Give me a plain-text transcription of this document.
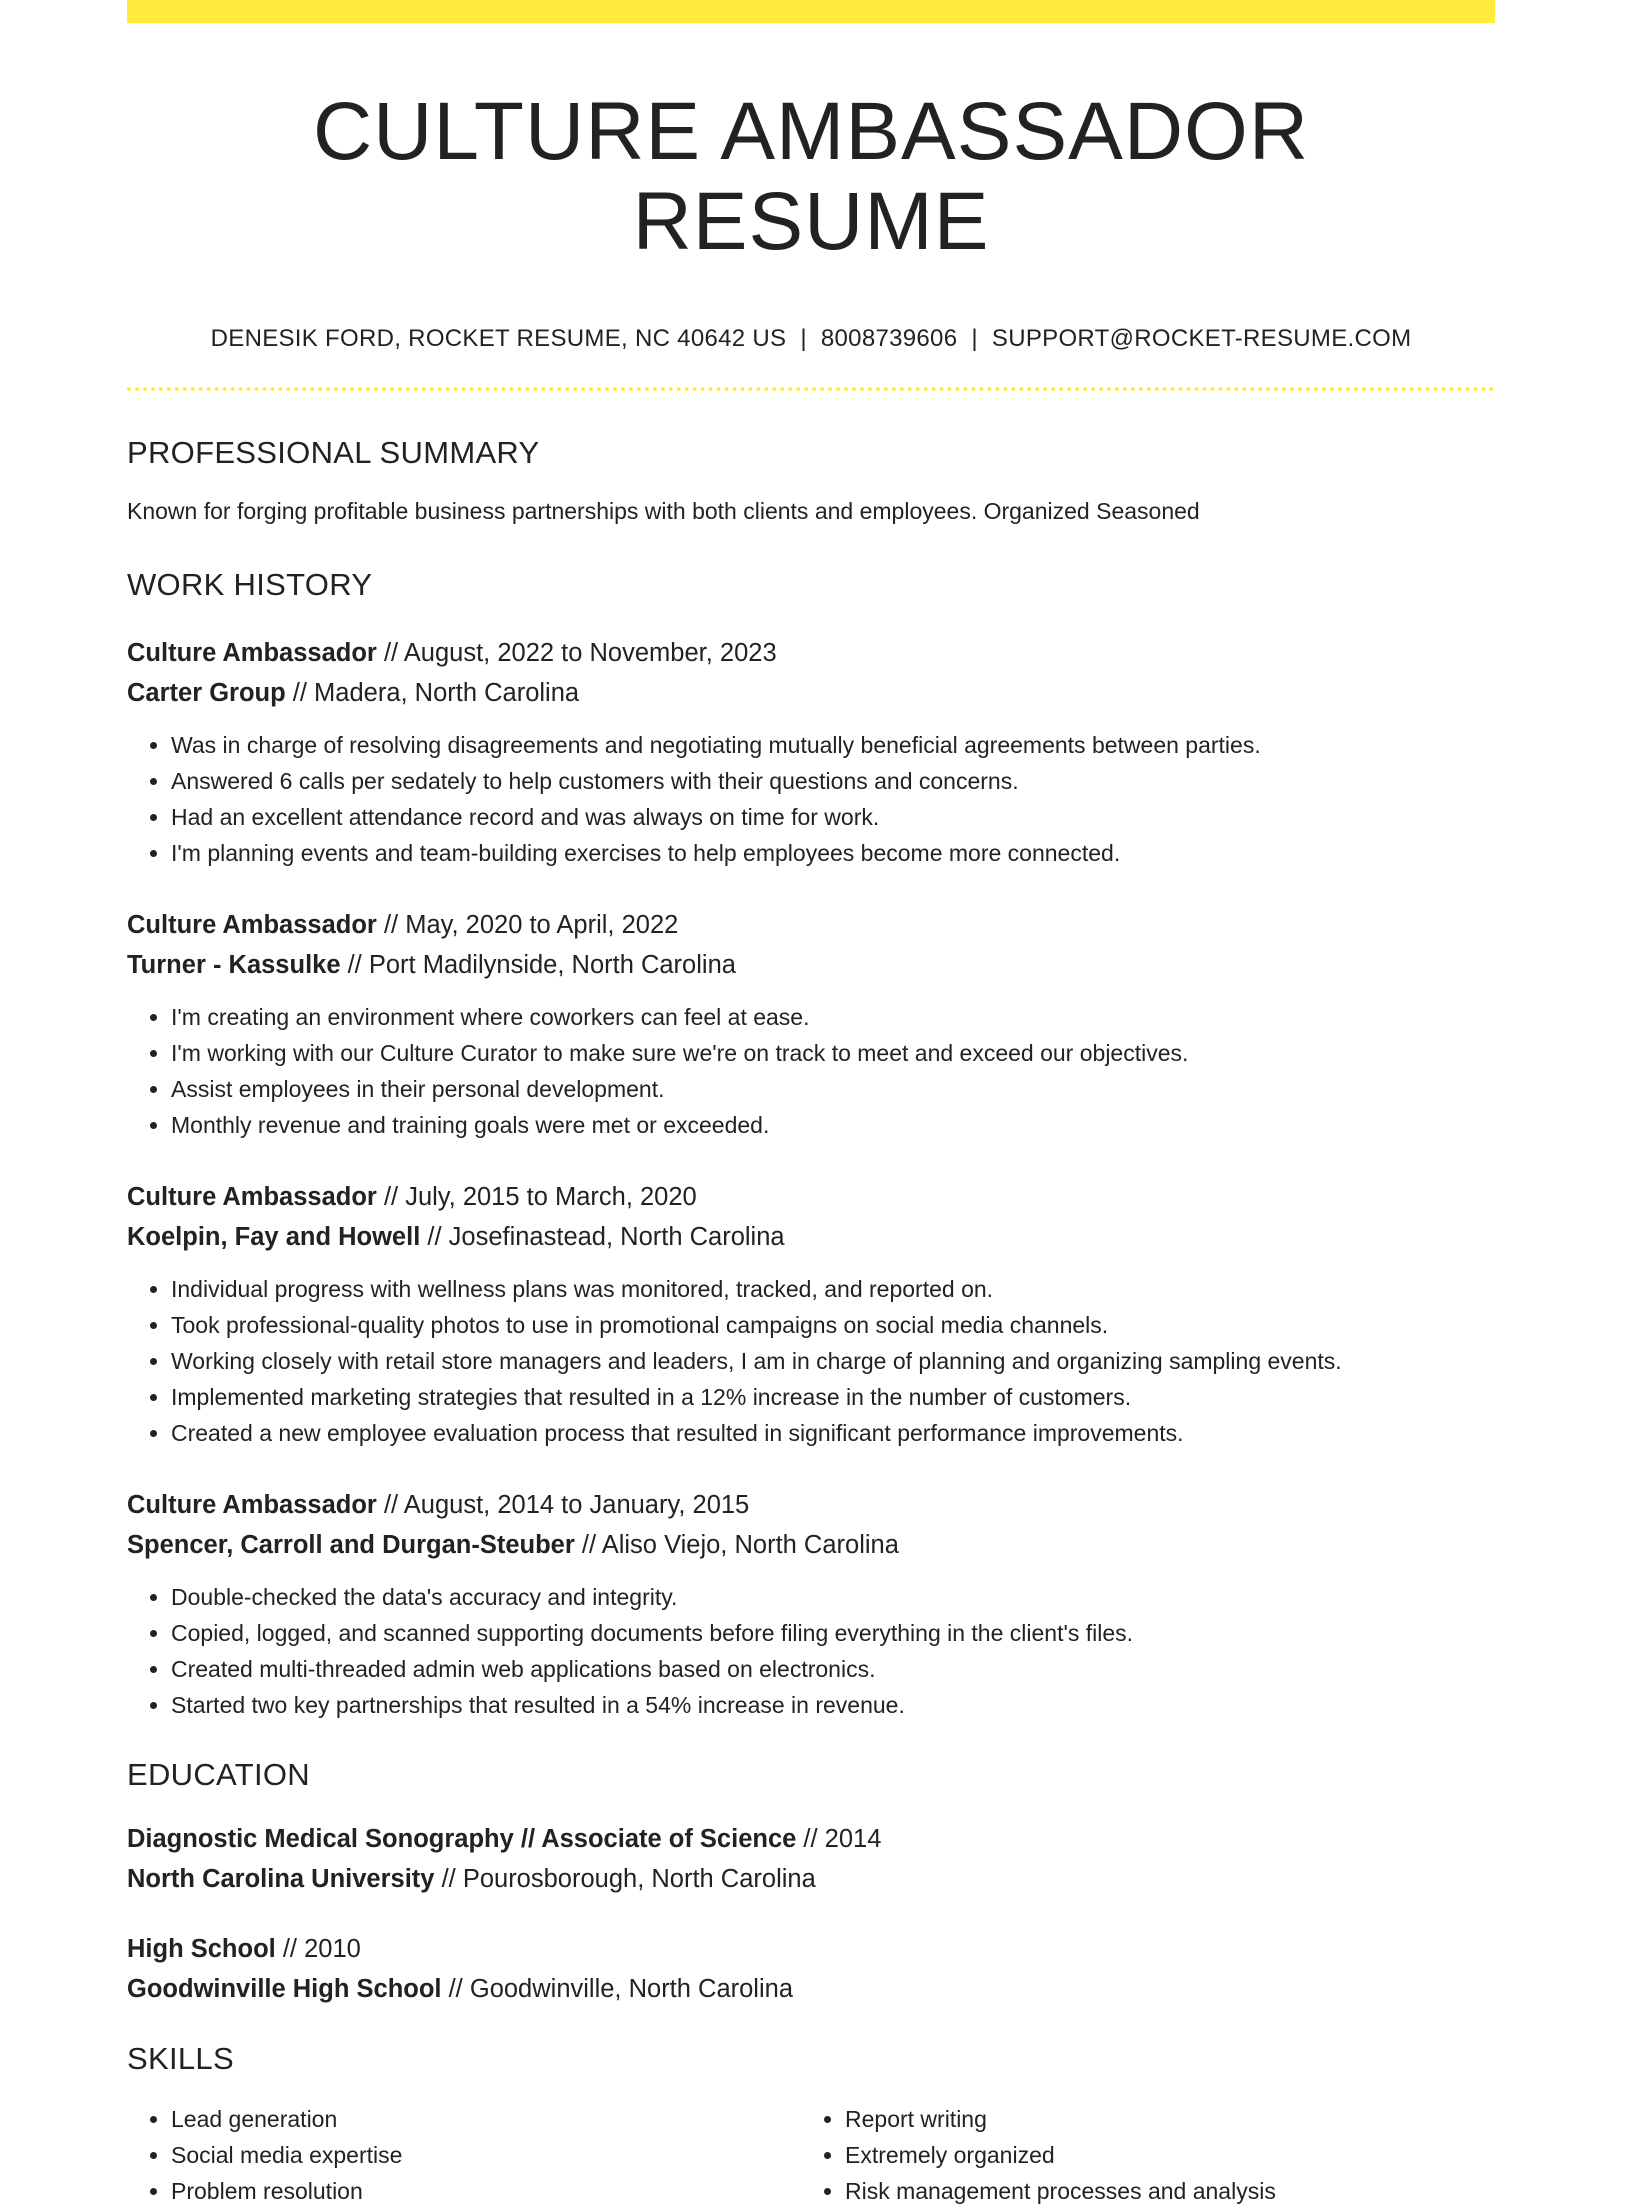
CULTURE AMBASSADOR RESUME
DENESIK FORD, ROCKET RESUME, NC 40642 US | 8008739606 | SUPPORT@ROCKET-RESUME.COM
PROFESSIONAL SUMMARY
Known for forging profitable business partnerships with both clients and employees. Organized Seasoned
WORK HISTORY
Culture Ambassador // August, 2022 to November, 2023
Carter Group // Madera, North Carolina
• Was in charge of resolving disagreements and negotiating mutually beneficial agreements between parties.
• Answered 6 calls per sedately to help customers with their questions and concerns.
• Had an excellent attendance record and was always on time for work.
• I'm planning events and team-building exercises to help employees become more connected.
Culture Ambassador // May, 2020 to April, 2022
Turner - Kassulke // Port Madilynside, North Carolina
• I'm creating an environment where coworkers can feel at ease.
• I'm working with our Culture Curator to make sure we're on track to meet and exceed our objectives.
• Assist employees in their personal development.
• Monthly revenue and training goals were met or exceeded.
Culture Ambassador // July, 2015 to March, 2020
Koelpin, Fay and Howell // Josefinastead, North Carolina
• Individual progress with wellness plans was monitored, tracked, and reported on.
• Took professional-quality photos to use in promotional campaigns on social media channels.
• Working closely with retail store managers and leaders, I am in charge of planning and organizing sampling events.
• Implemented marketing strategies that resulted in a 12% increase in the number of customers.
• Created a new employee evaluation process that resulted in significant performance improvements.
Culture Ambassador // August, 2014 to January, 2015
Spencer, Carroll and Durgan-Steuber // Aliso Viejo, North Carolina
• Double-checked the data's accuracy and integrity.
• Copied, logged, and scanned supporting documents before filing everything in the client's files.
• Created multi-threaded admin web applications based on electronics.
• Started two key partnerships that resulted in a 54% increase in revenue.
EDUCATION
Diagnostic Medical Sonography // Associate of Science // 2014
North Carolina University // Pourosborough, North Carolina
High School // 2010
Goodwinville High School // Goodwinville, North Carolina
SKILLS
• Lead generation
• Social media expertise
• Problem resolution
• Report writing
• Extremely organized
• Risk management processes and analysis
